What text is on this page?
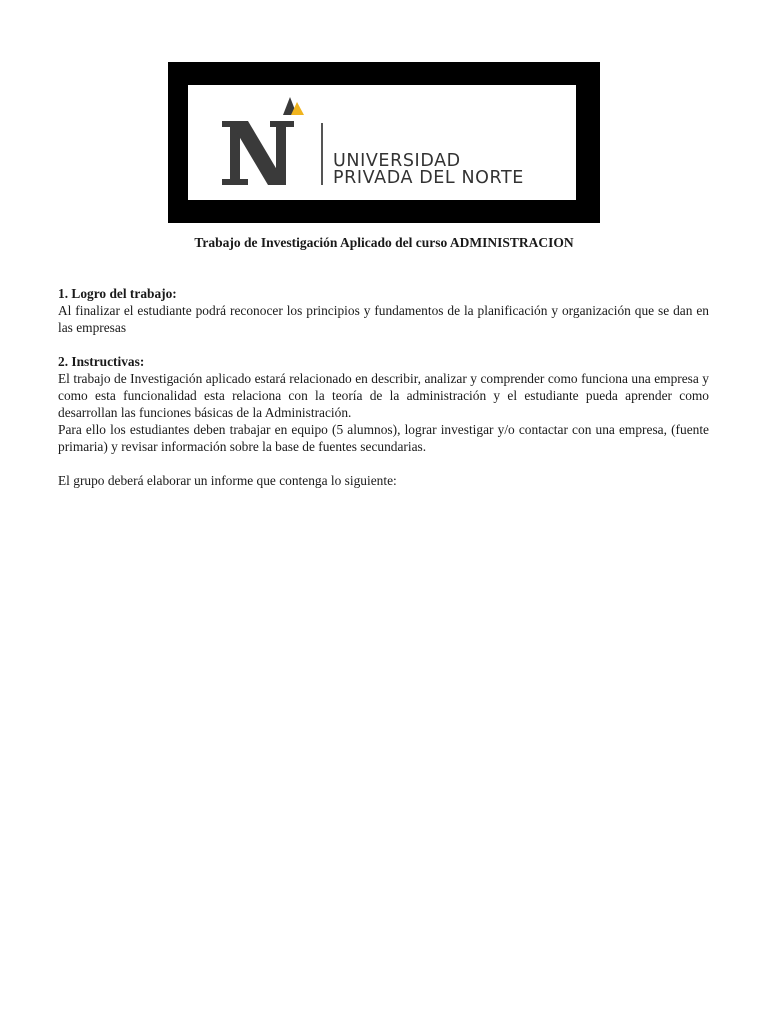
UNIVERSIDAD
PRIVADA DEL NORTE
Trabajo de Investigación Aplicado del curso ADMINISTRACION

1. Logro del trabajo:

Al finalizar el estudiante podrá reconocer los principios y fundamentos de la planificación y organización que se dan en las empresas

2. Instructivas:

El trabajo de Investigación aplicado estará relacionado en describir, analizar y comprender como funciona una empresa y como esta funcionalidad esta relaciona con la teoría de la administración y el estudiante pueda aprender como desarrollan las funciones básicas de la Administración.

Para ello los estudiantes deben trabajar en equipo (5 alumnos), lograr investigar y/o contactar con una empresa, (fuente primaria) y revisar información sobre la base de fuentes secundarias.

El grupo deberá elaborar un informe que contenga lo siguiente:
